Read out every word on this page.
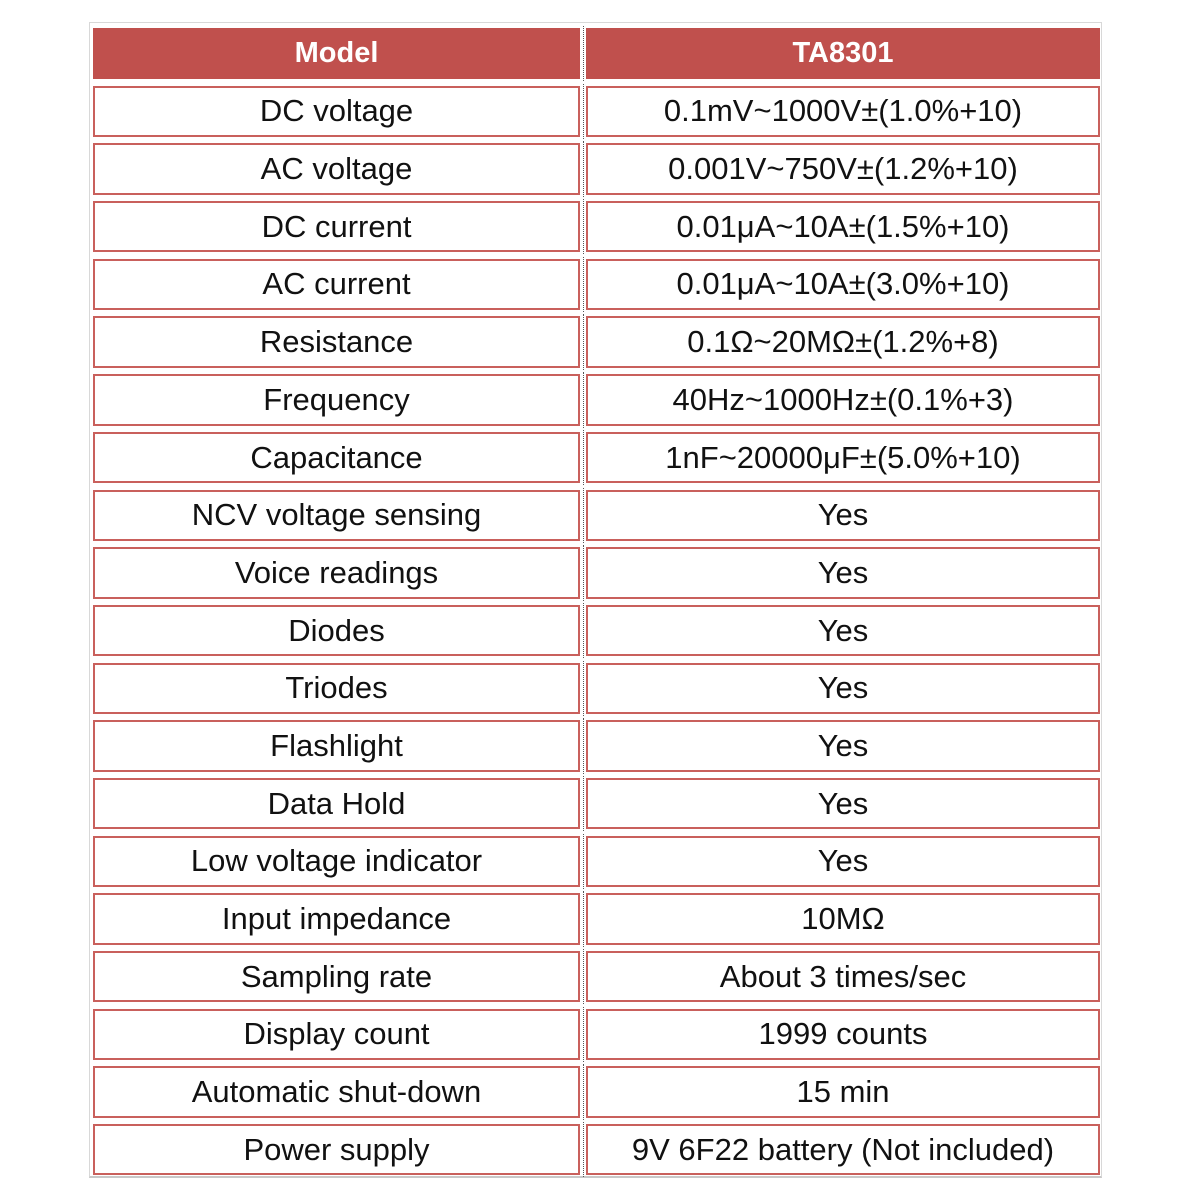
Model	TA8301
DC voltage	0.1mV~1000V±(1.0%+10)
AC voltage	0.001V~750V±(1.2%+10)
DC current	0.01μA~10A±(1.5%+10)
AC current	0.01μA~10A±(3.0%+10)
Resistance	0.1Ω~20MΩ±(1.2%+8)
Frequency	40Hz~1000Hz±(0.1%+3)
Capacitance	1nF~20000μF±(5.0%+10)
NCV voltage sensing	Yes
Voice readings	Yes
Diodes	Yes
Triodes	Yes
Flashlight	Yes
Data Hold	Yes
Low voltage indicator	Yes
Input impedance	10MΩ
Sampling rate	About 3 times/sec
Display count	1999 counts
Automatic shut-down	15 min
Power supply	9V 6F22 battery (Not included)
